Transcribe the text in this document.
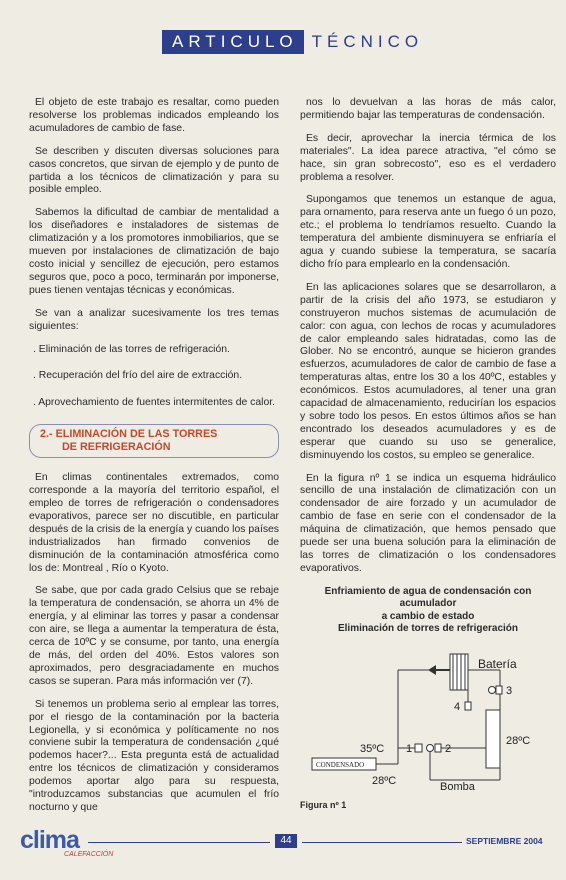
ARTICULO TÉCNICO

El objeto de este trabajo es resaltar, como pueden resolverse los problemas indicados empleando los acumuladores de cambio de fase.

Se describen y discuten diversas soluciones para casos concretos, que sirvan de ejemplo y de punto de partida a los técnicos de climatización y para su posible empleo.

Sabemos la dificultad de cambiar de mentalidad a los diseñadores e instaladores de sistemas de climatización y a los promotores inmobiliarios, que se mueven por instalaciones de climatización de bajo costo inicial y sencillez de ejecución, pero estamos seguros que, poco a poco, terminarán por imponerse, pues tienen ventajas técnicas y económicas.

Se van a analizar sucesivamente los tres temas siguientes:

. Eliminación de las torres de refrigeración.

. Recuperación del frío del aire de extracción.

. Aprovechamiento de fuentes intermitentes de calor.

2.- ELIMINACIÓN DE LAS TORRES
DE REFRIGERACIÓN

En climas continentales extremados, como corresponde a la mayoría del territorio español, el empleo de torres de refrigeración o condensadores evaporativos, parece ser no discutible, en particular después de la crisis de la energía y cuando los países industrializados han firmado convenios de disminución de la contaminación atmosférica como los de: Montreal , Río o Kyoto.

Se sabe, que por cada grado Celsius que se rebaje la temperatura de condensación, se ahorra un 4% de energía, y al eliminar las torres y pasar a condensar con aire, se llega a aumentar la temperatura de ésta, cerca de 10ºC y se consume, por tanto, una energía de más, del orden del 40%. Estos valores son aproximados, pero desgraciadamente en muchos casos se superan. Para más información ver (7).

Si tenemos un problema serio al emplear las torres, por el riesgo de la contaminación por la bacteria Legionella, y si económica y políticamente no nos conviene subir la temperatura de condensación ¿qué podemos hacer?... Esta pregunta está de actualidad entre los técnicos de climatización y consideramos podemos aportar algo para su respuesta, "introduzcamos substancias que acumulen el frío nocturno y que

nos lo devuelvan a las horas de más calor, permitiendo bajar las temperaturas de condensación.

Es decir, aprovechar la inercia térmica de los materiales". La idea parece atractiva, "el cómo se hace, sin gran sobrecosto", eso es el verdadero problema a resolver.

Supongamos que tenemos un estanque de agua, para ornamento, para reserva ante un fuego ó un pozo, etc.; el problema lo tendríamos resuelto. Cuando la temperatura del ambiente disminuyera se enfriaría el agua y cuando subiese la temperatura, se sacaría dicho frío para emplearlo en la condensación.

En las aplicaciones solares que se desarrollaron, a partir de la crisis del año 1973, se estudiaron y construyeron muchos sistemas de acumulación de calor: con agua, con lechos de rocas y acumuladores de calor empleando sales hidratadas, como las de Glober. No se encontró, aunque se hicieron grandes esfuerzos, acumuladores de calor de cambio de fase a temperaturas altas, entre los 30 a los 40ºC, estables y económicos. Estos acumuladores, al tener una gran capacidad de almacenamiento, reducirían los espacios y sobre todo los pesos. En estos últimos años se han encontrado los deseados acumuladores y es de esperar que cuando su uso se generalice, disminuyendo los costos, su empleo se generalice.

En la figura nº 1 se indica un esquema hidráulico sencillo de una instalación de climatización con un condensador de aire forzado y un acumulador de cambio de fase en serie con el condensador de la máquina de climatización, que hemos pensado que puede ser una buena solución para la eliminación de las torres de climatización o los condensadores evaporativos.

Enfriamiento de agua de condensación con acumulador
a cambio de estado
Eliminación de torres de refrigeración
Batería
3
4
28ºC
1	2
35ºC
CONDENSADO
28ºC	Bomba
Figura nº 1
clima
CALEFACCIÓN
44	SEPTIEMBRE 2004
